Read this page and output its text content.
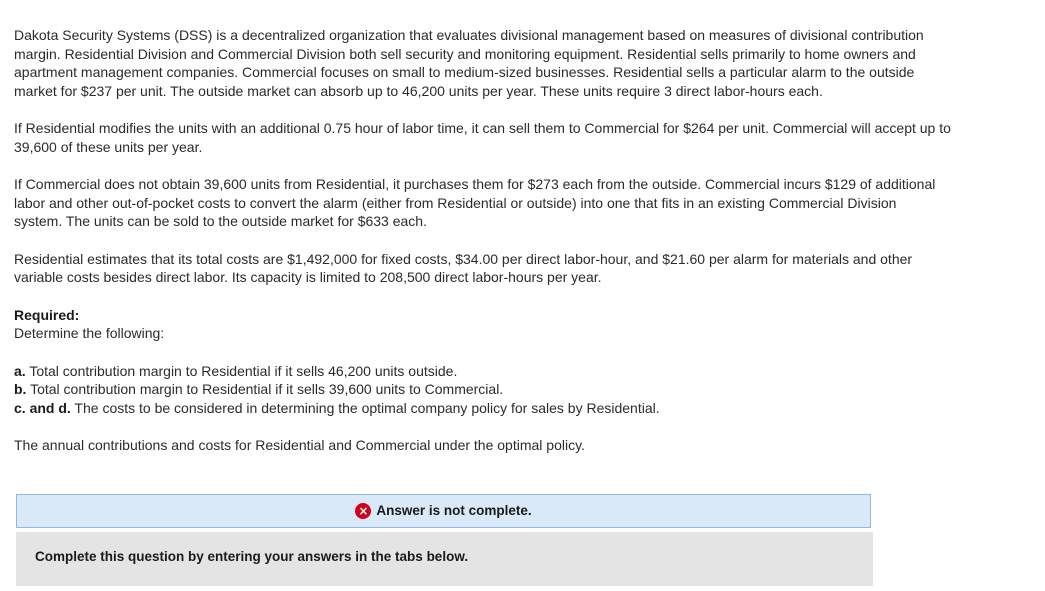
Dakota Security Systems (DSS) is a decentralized organization that evaluates divisional management based on measures of divisional contribution margin. Residential Division and Commercial Division both sell security and monitoring equipment. Residential sells primarily to home owners and apartment management companies. Commercial focuses on small to medium-sized businesses. Residential sells a particular alarm to the outside market for $237 per unit. The outside market can absorb up to 46,200 units per year. These units require 3 direct labor-hours each.

If Residential modifies the units with an additional 0.75 hour of labor time, it can sell them to Commercial for $264 per unit. Commercial will accept up to 39,600 of these units per year.

If Commercial does not obtain 39,600 units from Residential, it purchases them for $273 each from the outside. Commercial incurs $129 of additional labor and other out-of-pocket costs to convert the alarm (either from Residential or outside) into one that fits in an existing Commercial Division system. The units can be sold to the outside market for $633 each.

Residential estimates that its total costs are $1,492,000 for fixed costs, $34.00 per direct labor-hour, and $21.60 per alarm for materials and other variable costs besides direct labor. Its capacity is limited to 208,500 direct labor-hours per year.

Required:

Determine the following:

a. Total contribution margin to Residential if it sells 46,200 units outside.

b. Total contribution margin to Residential if it sells 39,600 units to Commercial.

c. and d. The costs to be considered in determining the optimal company policy for sales by Residential.

The annual contributions and costs for Residential and Commercial under the optimal policy.

× Answer is not complete.
Complete this question by entering your answers in the tabs below.
